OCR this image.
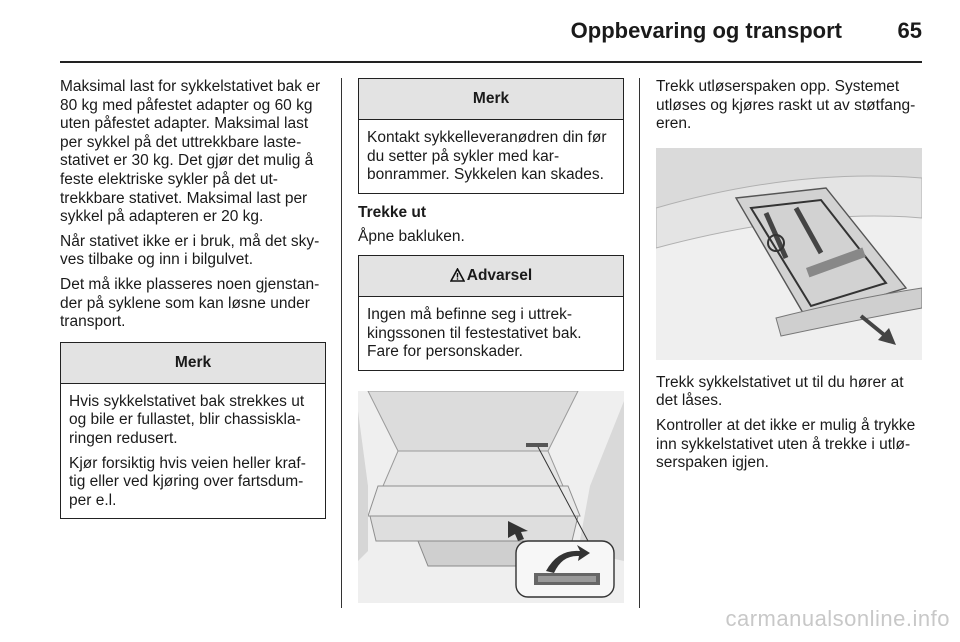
Oppbevaring og transport	65

Maksimal last for sykkelstativet bak er 80 kg med påfestet adapter og 60 kg uten påfestet adapter. Maksimal last per sykkel på det uttrekkbare lastestativet er 30 kg. Det gjør det mulig å feste elektriske sykler på det uttrekkbare stativet. Maksimal last per sykkel på adapteren er 20 kg.

Når stativet ikke er i bruk, må det skyves tilbake og inn i bilgulvet.

Det må ikke plasseres noen gjenstander på syklene som kan løsne under transport.

Merk

Hvis sykkelstativet bak strekkes ut og bile er fullastet, blir chassisklaringen redusert.

Kjør forsiktig hvis veien heller kraftig eller ved kjøring over fartsdumper e.l.

Merk

Kontakt sykkelleveranødren din før du setter på sykler med karbonrammer. Sykkelen kan skades.

Trekke ut

Åpne bakluken.

Advarsel

Ingen må befinne seg i uttrekkingssonen til festestativet bak. Fare for personskader.

Trekk utløserspaken opp. Systemet utløses og kjøres raskt ut av støtfangeren.

Trekk sykkelstativet ut til du hører at det låses.

Kontroller at det ikke er mulig å trykke inn sykkelstativet uten å trekke i utløserspaken igjen.

carmanualsonline.info
